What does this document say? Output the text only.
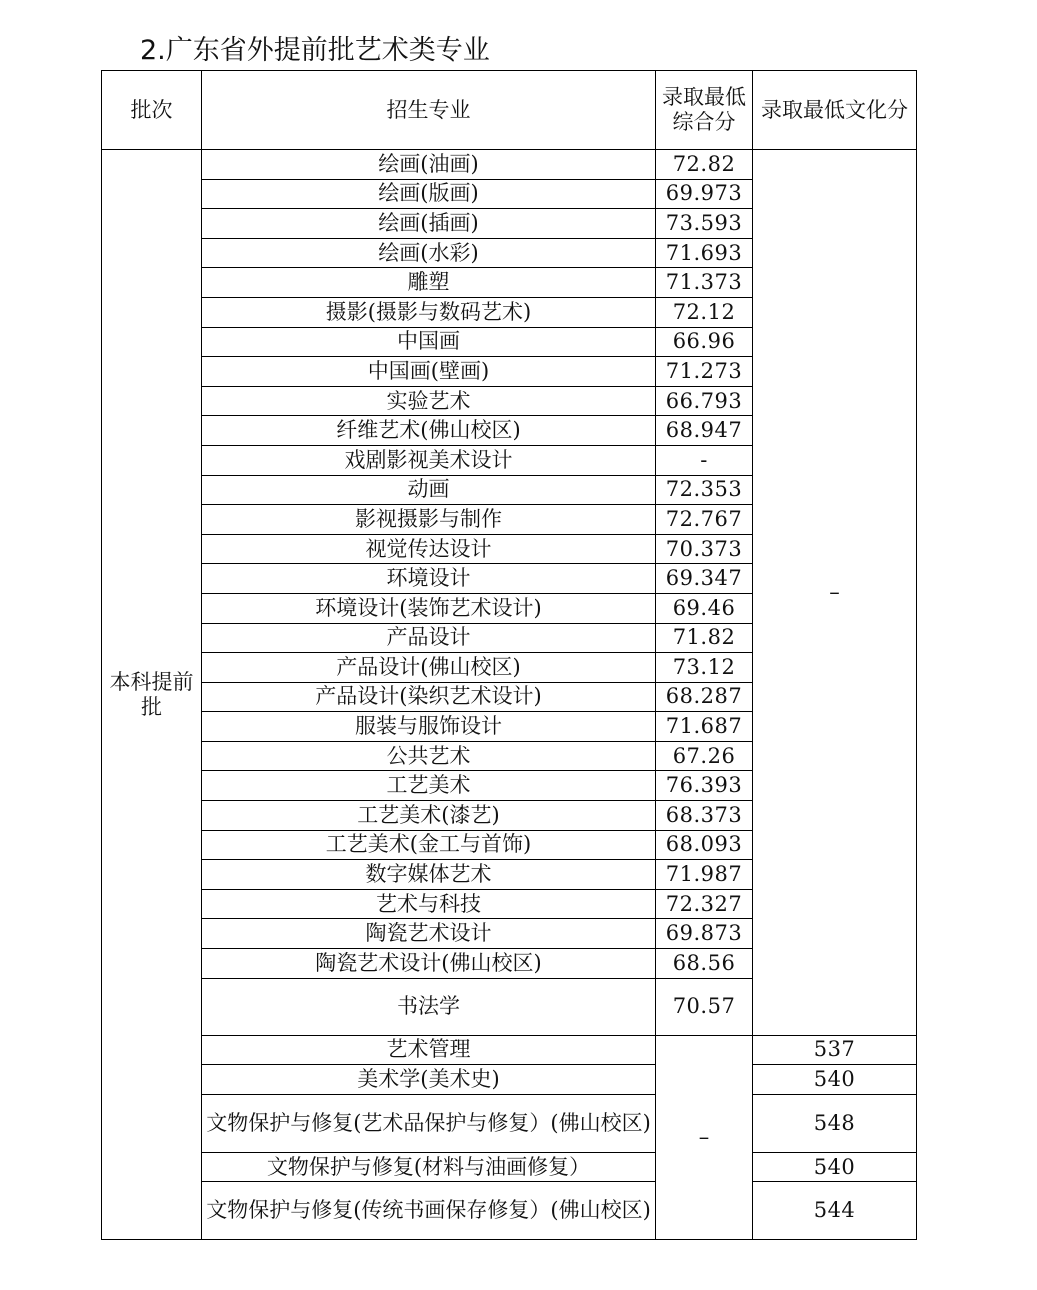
2.广东省外提前批艺术类专业
批次	招生专业	录取最低综合分	录取最低文化分
本科提前批	绘画(油画)	72.82	–
	绘画(版画)	69.973	
	绘画(插画)	73.593	
	绘画(水彩)	71.693	
	雕塑	71.373	
	摄影(摄影与数码艺术)	72.12	
	中国画	66.96	
	中国画(壁画)	71.273	
	实验艺术	66.793	
	纤维艺术(佛山校区)	68.947	
	戏剧影视美术设计	-	
	动画	72.353	
	影视摄影与制作	72.767	
	视觉传达设计	70.373	
	环境设计	69.347	
	环境设计(装饰艺术设计)	69.46	
	产品设计	71.82	
	产品设计(佛山校区)	73.12	
	产品设计(染织艺术设计)	68.287	
	服装与服饰设计	71.687	
	公共艺术	67.26	
	工艺美术	76.393	
	工艺美术(漆艺)	68.373	
	工艺美术(金工与首饰)	68.093	
	数字媒体艺术	71.987	
	艺术与科技	72.327	
	陶瓷艺术设计	69.873	
	陶瓷艺术设计(佛山校区)	68.56	
	书法学	70.57	
	艺术管理	–	537
	美术学(美术史)		540
	文物保护与修复(艺术品保护与修复）(佛山校区)		548
	文物保护与修复(材料与油画修复）		540
	文物保护与修复(传统书画保存修复）(佛山校区)		544
